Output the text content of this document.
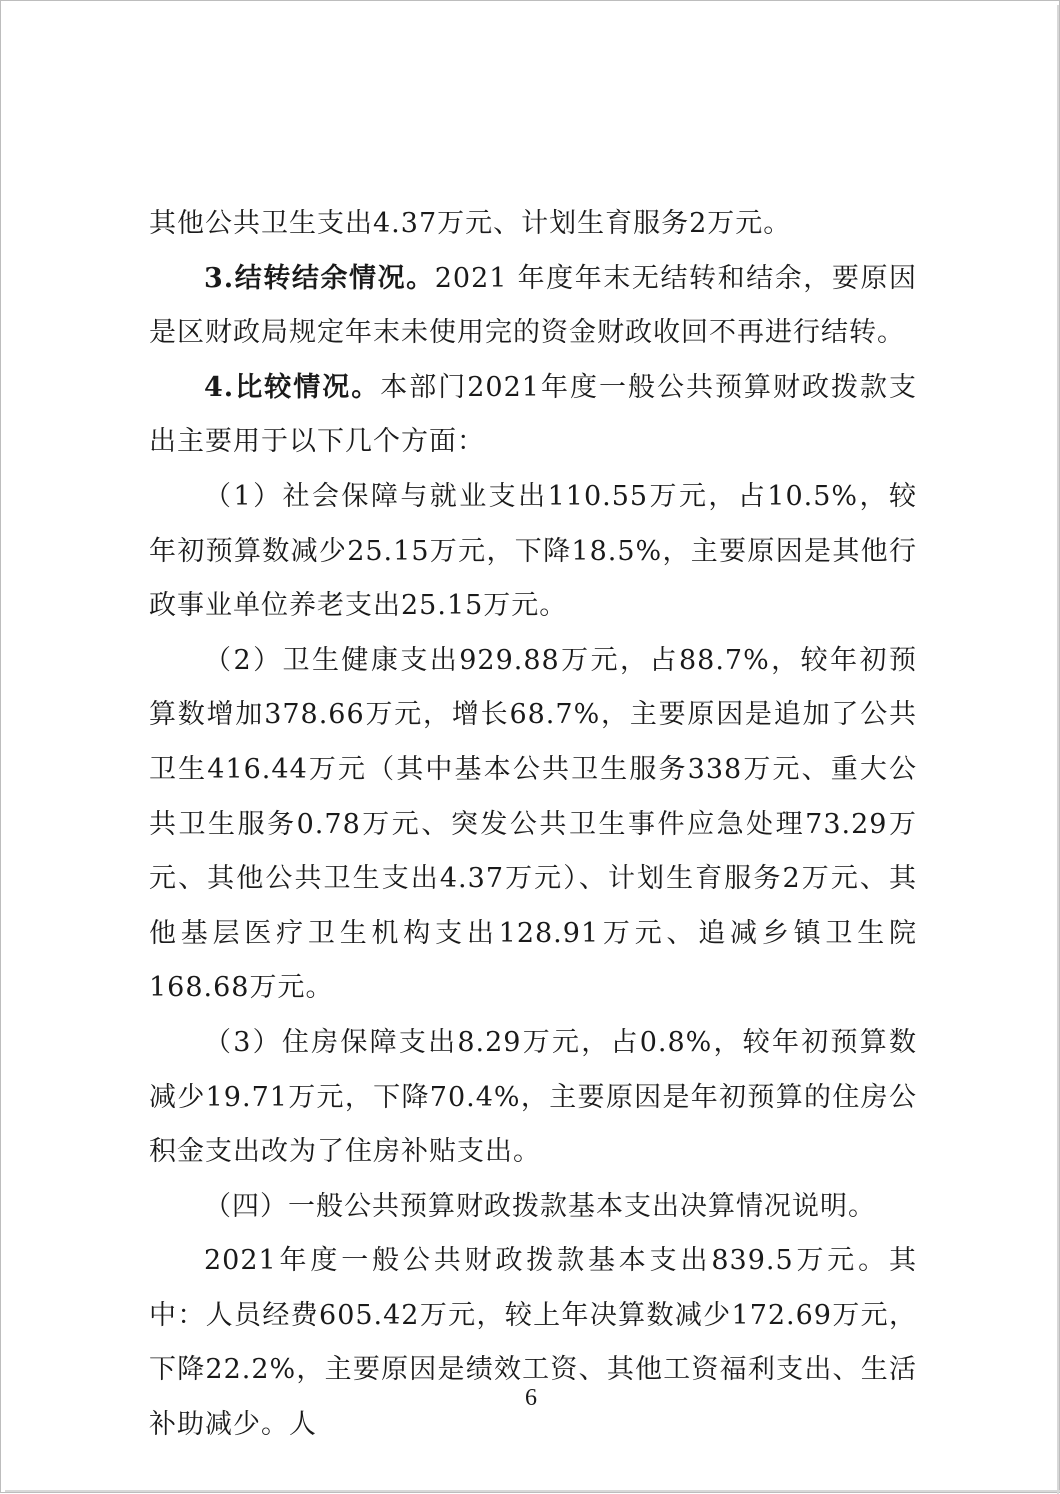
其他公共卫生支出4.37万元、计划生育服务2万元。

3.结转结余情况。2021 年度年末无结转和结余，要原因是区财政局规定年末未使用完的资金财政收回不再进行结转。

4.比较情况。本部门2021年度一般公共预算财政拨款支出主要用于以下几个方面：

（1）社会保障与就业支出110.55万元，占10.5%，较年初预算数减少25.15万元，下降18.5%，主要原因是其他行政事业单位养老支出25.15万元。

（2）卫生健康支出929.88万元，占88.7%，较年初预算数增加378.66万元，增长68.7%，主要原因是追加了公共卫生416.44万元（其中基本公共卫生服务338万元、重大公共卫生服务0.78万元、突发公共卫生事件应急处理73.29万元、其他公共卫生支出4.37万元）、计划生育服务2万元、其他基层医疗卫生机构支出128.91万元、追减乡镇卫生院168.68万元。

（3）住房保障支出8.29万元，占0.8%，较年初预算数减少19.71万元，下降70.4%，主要原因是年初预算的住房公积金支出改为了住房补贴支出。

（四）一般公共预算财政拨款基本支出决算情况说明。

2021年度一般公共财政拨款基本支出839.5万元。其中：人员经费605.42万元，较上年决算数减少172.69万元，下降22.2%，主要原因是绩效工资、其他工资福利支出、生活补助减少。人

6
